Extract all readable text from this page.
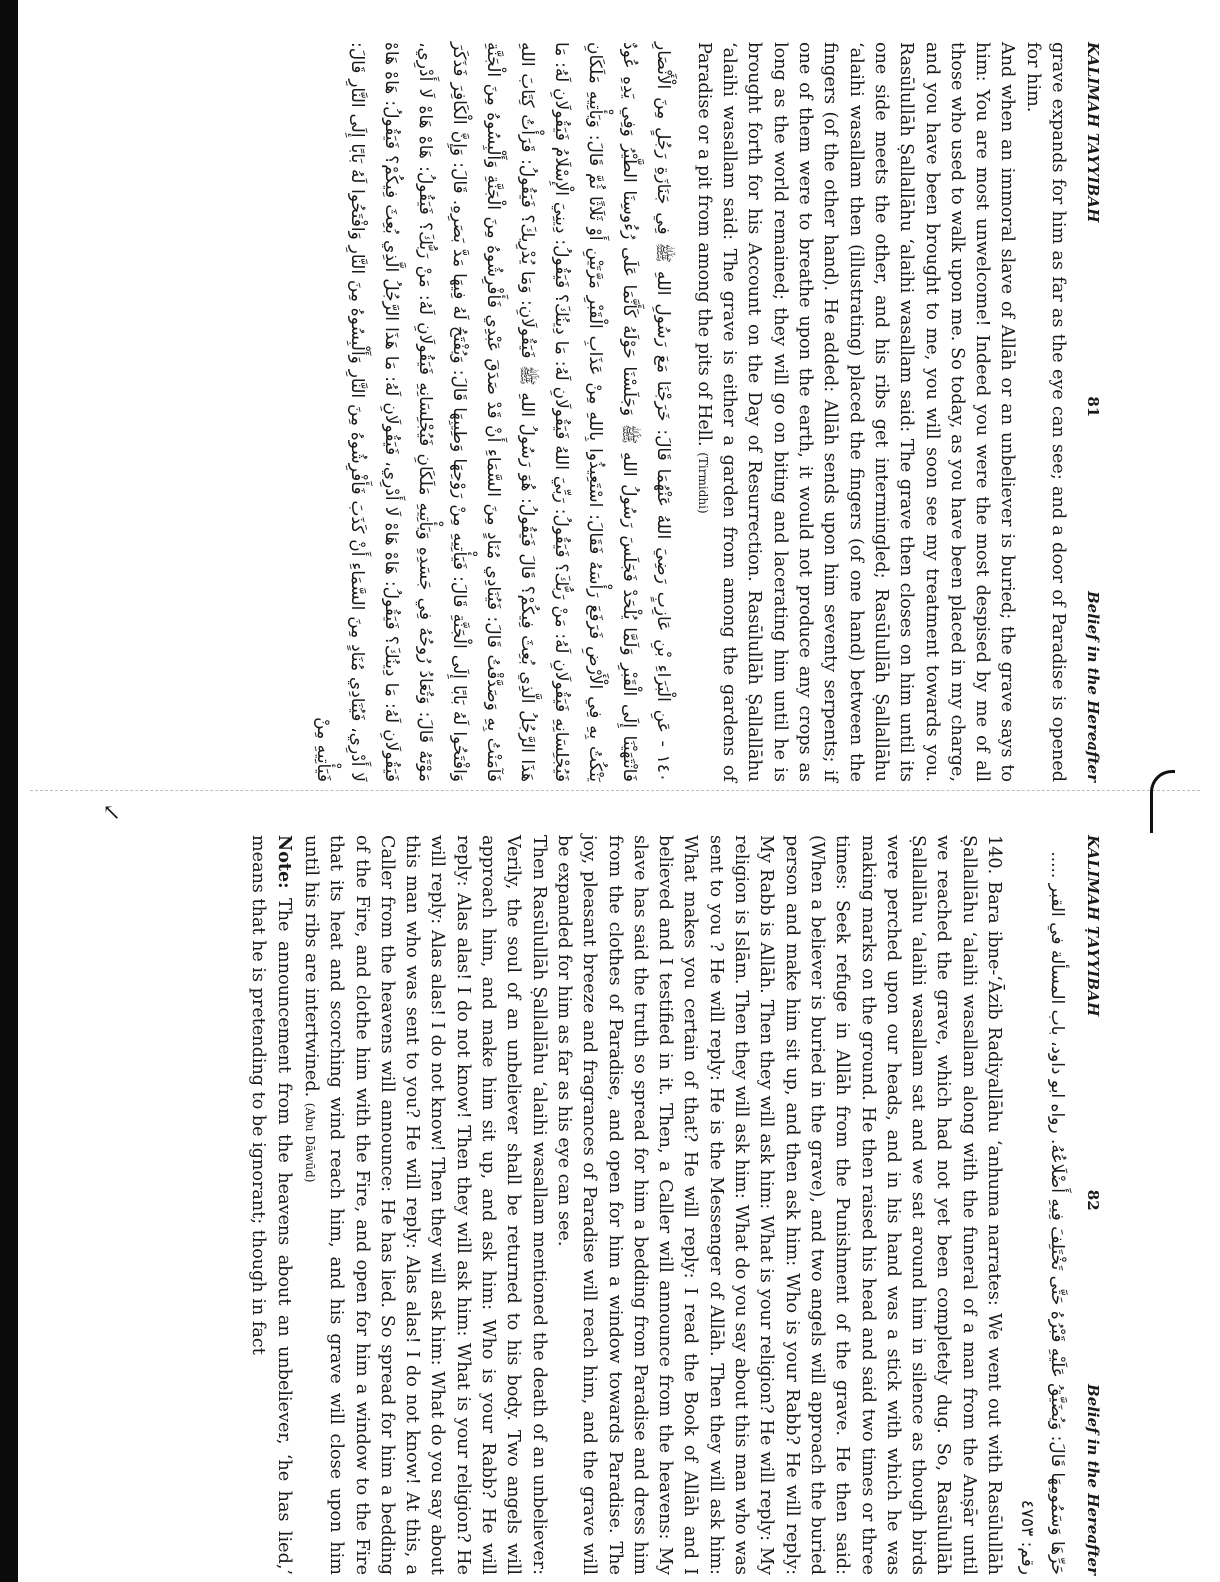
↙
KALIMAH TAYYIBAH
81
Belief in the Hereafter

grave expands for him as far as the eye can see; and a door of Paradise is opened for him.

And when an immoral slave of Allāh or an unbeliever is buried; the grave says to him: You are most unwelcome! Indeed you were the most despised by me of all those who used to walk upon me. So today, as you have been placed in my charge, and you have been brought to me, you will soon see my treatment towards you. Rasūlullāh Ṣallallāhu ‘alaihi wasallam said: The grave then closes on him until its one side meets the other, and his ribs get intermingled; Rasūlullāh Ṣallallāhu ‘alaihi wasallam then (illustrating) placed the fingers (of one hand) between the fingers (of the other hand). He added: Allāh sends upon him seventy serpents; if one of them were to breathe upon the earth, it would not produce any crops as long as the world remained; they will go on biting and lacerating him until he is brought forth for his Account on the Day of Resurrection. Rasūlullāh Ṣallallāhu ‘alaihi wasallam said: The grave is either a garden from among the gardens of Paradise or a pit from among the pits of Hell. (Tirmidhi)

١٤٠ - عَنِ الْبَرَاءِ بْنِ عَازِبٍ رَضِيَ اللهُ عَنْهُمَا قَالَ: خَرَجْنَا مَعَ رَسُولِ اللهِ ﷺ فِي جَنَازَةِ رَجُلٍ مِنَ الْأَنْصَارِ فَانْتَهَيْنَا إِلَى الْقَبْرِ وَلَمَّا يُلْحَدْ فَجَلَسَ رَسُولُ اللهِ ﷺ وَجَلَسْنَا حَوْلَهُ كَأَنَّمَا عَلَى رُءُوسِنَا الطَّيْرُ وَفِي يَدِهِ عُودٌ يَنْكُتُ بِهِ فِي الْأَرْضِ فَرَفَعَ رَأْسَهُ فَقَالَ: اسْتَعِيذُوا بِاللهِ مِنْ عَذَابِ الْقَبْرِ مَرَّتَيْنِ أَوْ ثَلَاثًا ثُمَّ قَالَ: وَيَأْتِيهِ مَلَكَانِ فَيُجْلِسَانِهِ فَيَقُولَانِ لَهُ: مَنْ رَبُّكَ؟ فَيَقُولُ: رَبِّيَ اللهُ فَيَقُولَانِ لَهُ: مَا دِينُكَ؟ فَيَقُولُ: دِينِيَ الْإِسْلَامُ فَيَقُولَانِ لَهُ: مَا هَذَا الرَّجُلُ الَّذِي بُعِثَ فِيكُمْ؟ قَالَ فَيَقُولُ: هُوَ رَسُولُ اللهِ ﷺ فَيَقُولَانِ: وَمَا يُدْرِيكَ؟ فَيَقُولُ: قَرَأْتُ كِتَابَ اللهِ فَآمَنْتُ بِهِ وَصَدَّقْتُ قَالَ: فَيُنَادِي مُنَادٍ مِنَ السَّمَاءِ أَنْ قَدْ صَدَقَ عَبْدِي فَأَفْرِشُوهُ مِنَ الْجَنَّةِ وَأَلْبِسُوهُ مِنَ الْجَنَّةِ وَافْتَحُوا لَهُ بَابًا إِلَى الْجَنَّةِ قَالَ: فَيَأْتِيهِ مِنْ رَوْحِهَا وَطِيبِهَا قَالَ: وَيُفْتَحُ لَهُ فِيهَا مَدَّ بَصَرِهِ. قَالَ: وَإِنَّ الْكَافِرَ فَذَكَرَ مَوْتَهُ قَالَ: وَتُعَادُ رُوحُهُ فِي جَسَدِهِ وَيَأْتِيهِ مَلَكَانِ فَيُجْلِسَانِهِ فَيَقُولَانِ لَهُ: مَنْ رَبُّكَ؟ فَيَقُولُ: هَاهْ هَاهْ لَا أَدْرِي، فَيَقُولَانِ لَهُ: مَا دِينُكَ؟ فَيَقُولُ: هَاهْ هَاهْ لَا أَدْرِي، فَيَقُولَانِ لَهُ: مَا هَذَا الرَّجُلُ الَّذِي بُعِثَ فِيكُمْ؟ فَيَقُولُ: هَاهْ هَاهْ لَا أَدْرِي، فَيُنَادِي مُنَادٍ مِنَ السَّمَاءِ أَنْ كَذَبَ فَأَفْرِشُوهُ مِنَ النَّارِ وَأَلْبِسُوهُ مِنَ النَّارِ وَافْتَحُوا لَهُ بَابًا إِلَى النَّارِ قَالَ: فَيَأْتِيهِ مِنْ
KALIMAH ṬAYYIBAH
82
Belief in the Hereafter
حَرِّهَا وَسَمُومِهَا قَالَ: وَيُضَيَّقُ عَلَيْهِ قَبْرُهُ حَتَّى تَخْتَلِفَ فِيهِ أَضْلَاعُهُ. رواه ابو داود، باب المسألة في القبر ..... رقم: ٤٧٥٣

140. Bara ibne-‘Āzib Radiyallāhu ‘anhuma narrates: We went out with Rasūlullāh Ṣallallāhu ‘alaihi wasallam along with the funeral of a man from the Anṣār until we reached the grave, which had not yet been completely dug. So, Rasūlullāh Ṣallallāhu ‘alaihi wasallam sat and we sat around him in silence as though birds were perched upon our heads, and in his hand was a stick with which he was making marks on the ground. He then raised his head and said two times or three times: Seek refuge in Allāh from the Punishment of the grave. He then said: (When a believer is buried in the grave), and two angels will approach the buried person and make him sit up, and then ask him: Who is your Rabb? He will reply: My Rabb is Allāh. Then they will ask him: What is your religion? He will reply: My religion is Islām. Then they will ask him: What do you say about this man who was sent to you ? He will reply: He is the Messenger of Allāh. Then they will ask him: What makes you certain of that? He will reply: I read the Book of Allāh and I believed and I testified in it. Then, a Caller will announce from the heavens: My slave has said the truth so spread for him a bedding from Paradise and dress him from the clothes of Paradise, and open for him a window towards Paradise. The joy, pleasant breeze and fragrances of Paradise will reach him, and the grave will be expanded for him as far as his eye can see.

Then Rasūlullāh Ṣallallāhu ‘alaihi wasallam mentioned the death of an unbeliever: Verily, the soul of an unbeliever shall be returned to his body. Two angels will approach him, and make him sit up, and ask him: Who is your Rabb? He will reply: Alas alas! I do not know! Then they will ask him: What is your religion? He will reply: Alas alas! I do not know! Then they will ask him: What do you say about this man who was sent to you? He will reply: Alas alas! I do not know! At this, a Caller from the heavens will announce: He has lied. So spread for him a bedding of the Fire, and clothe him with the Fire, and open for him a window to the Fire that its heat and scorching wind reach him, and his grave will close upon him until his ribs are intertwined. (Abu Dāwūd)

Note: The announcement from the heavens about an unbeliever, ‘he has lied,’ means that he is pretending to be ignorant; though in fact
